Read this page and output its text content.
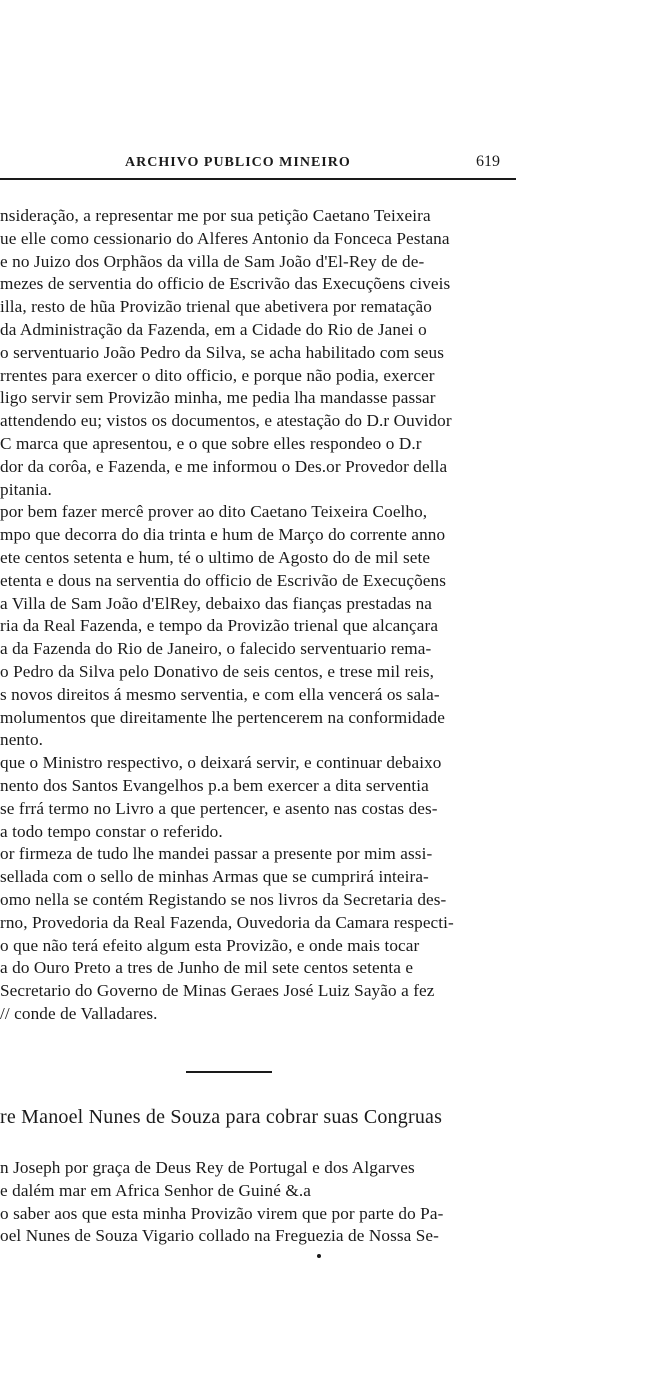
ARCHIVO PUBLICO MINEIRO	619
nsideração, a representar me por sua petição Caetano Teixeira
ue elle como cessionario do Alferes Antonio da Fonceca Pestana
e no Juizo dos Orphãos da villa de Sam João d'El-Rey de de-
mezes de serventia do officio de Escrivão das Execuçõens civeis
illa, resto de hũa Provizão trienal que abetivera por rematação
da Administração da Fazenda, em a Cidade do Rio de Janei o
o serventuario João Pedro da Silva, se acha habilitado com seus
rrentes para exercer o dito officio, e porque não podia, exercer
ligo servir sem Provizão minha, me pedia lha mandasse passar
attendendo eu; vistos os documentos, e atestação do D.r Ouvidor
C marca que apresentou, e o que sobre elles respondeo o D.r
dor da corôa, e Fazenda, e me informou o Des.or Provedor della
pitania.
por bem fazer mercê prover ao dito Caetano Teixeira Coelho,
mpo que decorra do dia trinta e hum de Março do corrente anno
ete centos setenta e hum, té o ultimo de Agosto do de mil sete
etenta e dous na serventia do officio de Escrivão de Execuçõens
a Villa de Sam João d'ElRey, debaixo das fianças prestadas na
ria da Real Fazenda, e tempo da Provizão trienal que alcançara
a da Fazenda do Rio de Janeiro, o falecido serventuario rema-
o Pedro da Silva pelo Donativo de seis centos, e trese mil reis,
s novos direitos á mesmo serventia, e com ella vencerá os sala-
molumentos que direitamente lhe pertencerem na conformidade
nento.
que o Ministro respectivo, o deixará servir, e continuar debaixo
nento dos Santos Evangelhos p.a bem exercer a dita serventia
se frrá termo no Livro a que pertencer, e asento nas costas des-
a todo tempo constar o referido.
or firmeza de tudo lhe mandei passar a presente por mim assi-
sellada com o sello de minhas Armas que se cumprirá inteira-
omo nella se contém Registando se nos livros da Secretaria des-
rno, Provedoria da Real Fazenda, Ouvedoria da Camara respecti-
o que não terá efeito algum esta Provizão, e onde mais tocar
a do Ouro Preto a tres de Junho de mil sete centos setenta e
Secretario do Governo de Minas Geraes José Luiz Sayão a fez
// conde de Valladares.
re Manoel Nunes de Souza para cobrar suas Congruas
n Joseph por graça de Deus Rey de Portugal e dos Algarves
e dalém mar em Africa Senhor de Guiné &.a
o saber aos que esta minha Provizão virem que por parte do Pa-
oel Nunes de Souza Vigario collado na Freguezia de Nossa Se-
